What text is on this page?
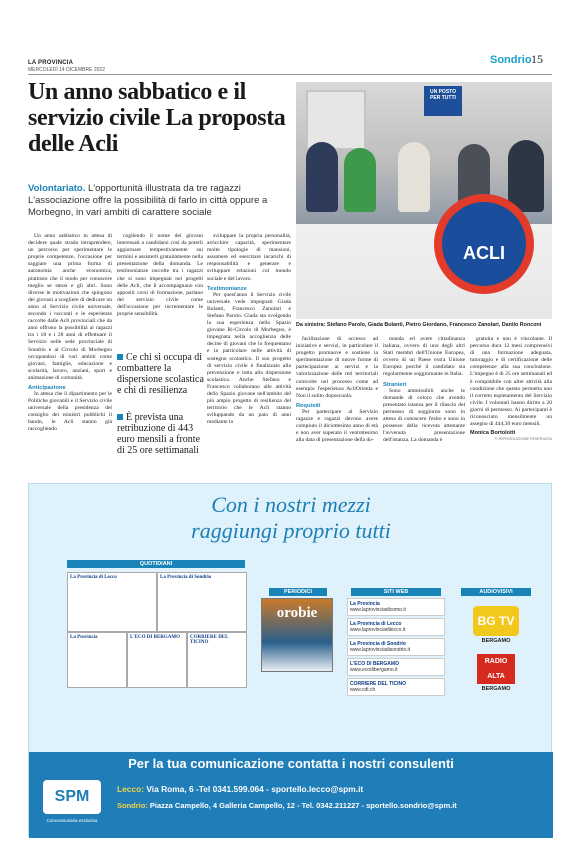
LA PROVINCIA
MERCOLEDÌ 14 DICEMBRE 2022
Sondrio 15
Un anno sabbatico e il servizio civile La proposta delle Acli
Volontariato. L'opportunità illustrata da tre ragazzi L'associazione offre la possibilità di farlo in città oppure a Morbegno, in vari ambiti di carattere sociale
UN POSTO PER TUTTI
ACLI
Da sinistra: Stefano Parolo, Giada Bulanti, Pietro Giordano, Francesco Zanolari, Danilo Ronconi

Un anno sabbatico in attesa di decidere quale strada intraprendere, un percorso per sperimentare le proprie competenze, l'occasione per saggiare una prima forma di autonomia anche economica, piuttosto che il modo per conoscere meglio se stessi e gli altri. Sono diverse le motivazioni che spingono dei giovani a scegliere di dedicare un anno al Servizio civile universale, secondo i racconti e le esperienze raccolte dalle Acli provinciali che da anni offrono la possibilità ai ragazzi tra i 18 e i 28 anni di effettuare il Servizio nelle sede provinciale di Sondrio e al Circolo di Morbegno occupandosi di vari ambiti come giovani, famiglie, educazione e scolarità, lavoro, anziani, sport e animazione di comunità.

Anticipazione

In attesa che il dipartimento per le Politiche giovanili e il Servizio civile universale della presidenza del consiglio dei ministri pubblichi il bando, le Acli stanno già raccogliendo

cogliendo il nome dei giovani interessati a candidarsi così da poterli aggiornare tempestivamente sui termini e assisterli gratuitamente nella presentazione della domanda. Le testimonianze raccolte tra i ragazzi che si sono impegnati nei progetti delle Acli, che li accompagnano con appositi corsi di formazione, parlano del servizio civile come dell'occasione per incrementare le proprie sensibilità.

Ce chi si occupa di combattere la dispersione scolastica e chi di resilienza
È prevista una retribuzione di 443 euro mensili a fronte di 25 ore settimanali

sviluppare la propria personalità, arricchire capacità, sperimentare molte tipologie di mansioni, assumere ed esercitare incarichi di responsabilità e generare e sviluppare relazioni col mondo sociale e del lavoro.

Testimonianze

Per quest'anno il Servizio civile universale vede impegnati Giada Bulanti, Francesco Zanolari e Stefano Parolo. Giada sta svolgendo la sua esperienza nello Spazio giovane Ri-Circolo di Morbegno, è impegnata nella accoglienza delle decine di giovani che lo frequentano e in particolare nelle attività di sostegno scolastico. Il suo progetto di servizio civile è finalizzato alla prevenzione e lotta alla dispersione scolastica. Anche Stefano e Francesco collaborano alle attività dello Spazio giovane nell'ambito del più ampio progetto di resilienza del territorio che le Acli stanno sviluppando da un paio di anni mediante la

facilitazione di accesso ad iniziative e servizi, in particolare il progetto promuove e sostiene la sperimentazione di nuove forme di partecipazione ai servizi e la valorizzazione delle reti territoriali coinvolte nel processo come ad esempio l'esperienza AcliOrienta e Non il solito doposcuola.

Requisiti

Per partecipare al Servizio ragazze e ragazzi devono avere compiuto il diciottesimo anno di età e non aver superato il ventottesimo alla data di presentazione della do-

manda ed avere cittadinanza italiana, ovvero di uno degli altri Stati membri dell'Unione Europea, ovvero di un Paese extra Unione Europea purché il candidato sia regolarmente soggiornante in Italia.

Stranieri

Sono ammissibili anche le domande di coloro che avendo presentato istanza per il rilascio del permesso di soggiorno sono in attesa di conoscere l'esito e sono in possesso della ricevuta attestante l'avvenuta presentazione dell'istanza. La domanda è

gratuita e non è vincolante. Il percorso dura 12 mesi comprensivi di una formazione adeguata, tutoraggio e di certificazione delle competenze alla sua conclusione. L'impegno è di 25 ore settimanali ed è compatibile con altre attività alla condizione che questo permetta uno il corretto espletamento del Servizio civile. I volontari hanno diritto a 20 giorni di permesso. Ai partecipanti è riconosciuto mensilmente un assegno di 444,30 euro mensili.

Monica Bortolotti
© RIPRODUZIONE RISERVATA
Con i nostri mezzi
raggiungi proprio tutti
QUOTIDIANI
La Provincia di Lecco	La Provincia di Sondrio
La Provincia	L'ECO DI BERGAMO	CORRIERE DEL TICINO
PERIODICI
orobie
SITI WEB
La Provincia
www.laprovinciadicomo.it
La Provincia di Lecco
www.laprovinciadilecco.it
La Provincia di Sondrio
www.laprovinciadisondrio.it
L'ECO DI BERGAMO
www.ecodibergamo.it
CORRIERE DEL TICINO
www.cdt.ch
AUDIOVISIVI
BG TV
BERGAMO
RADIO ALTA
BERGAMO
Per la tua comunicazione contatta i nostri consulenti
SPM
Concessionaria esclusiva
Lecco: Via Roma, 6 -Tel 0341.599.064 - sportello.lecco@spm.it
Sondrio: Piazza Campello, 4 Galleria Campello, 12 - Tel. 0342.211227 - sportello.sondrio@spm.it
